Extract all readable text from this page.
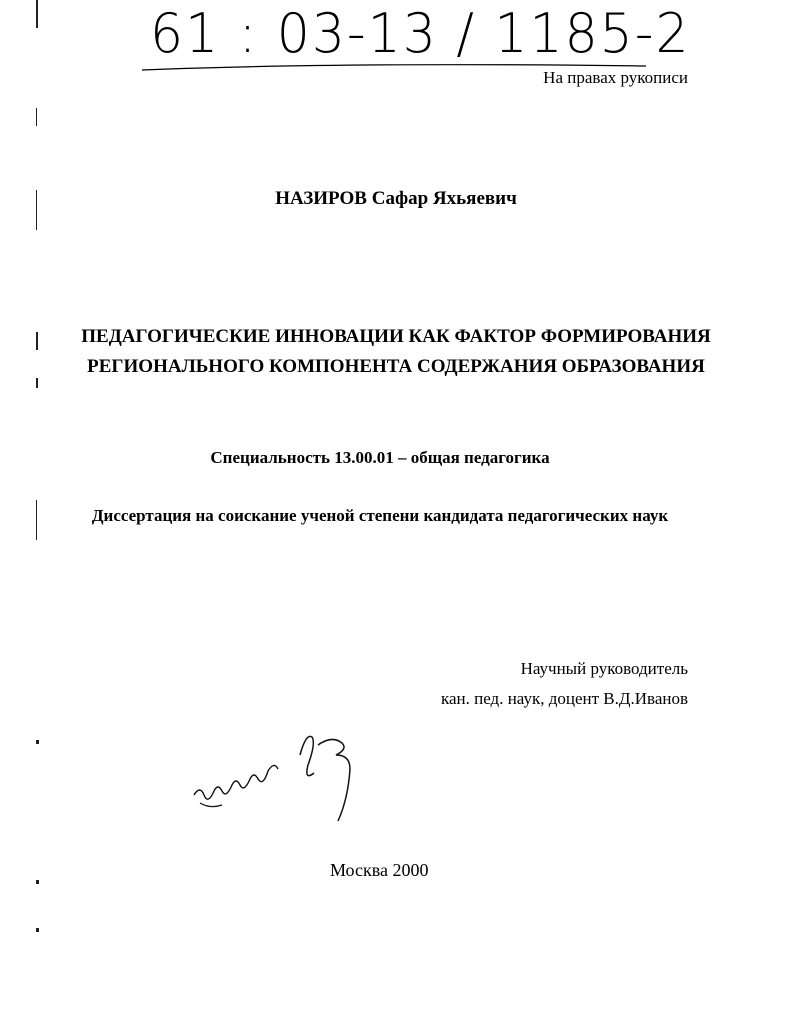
61 : 03-13 / 1185-2
На правах рукописи
НАЗИРОВ Сафар Яхьяевич
ПЕДАГОГИЧЕСКИЕ ИННОВАЦИИ КАК ФАКТОР ФОРМИРОВАНИЯ
РЕГИОНАЛЬНОГО КОМПОНЕНТА СОДЕРЖАНИЯ ОБРАЗОВАНИЯ
Специальность 13.00.01 – общая педагогика
Диссертация на соискание ученой степени кандидата педагогических наук
Научный руководитель
кан. пед. наук, доцент В.Д.Иванов
Москва 2000
